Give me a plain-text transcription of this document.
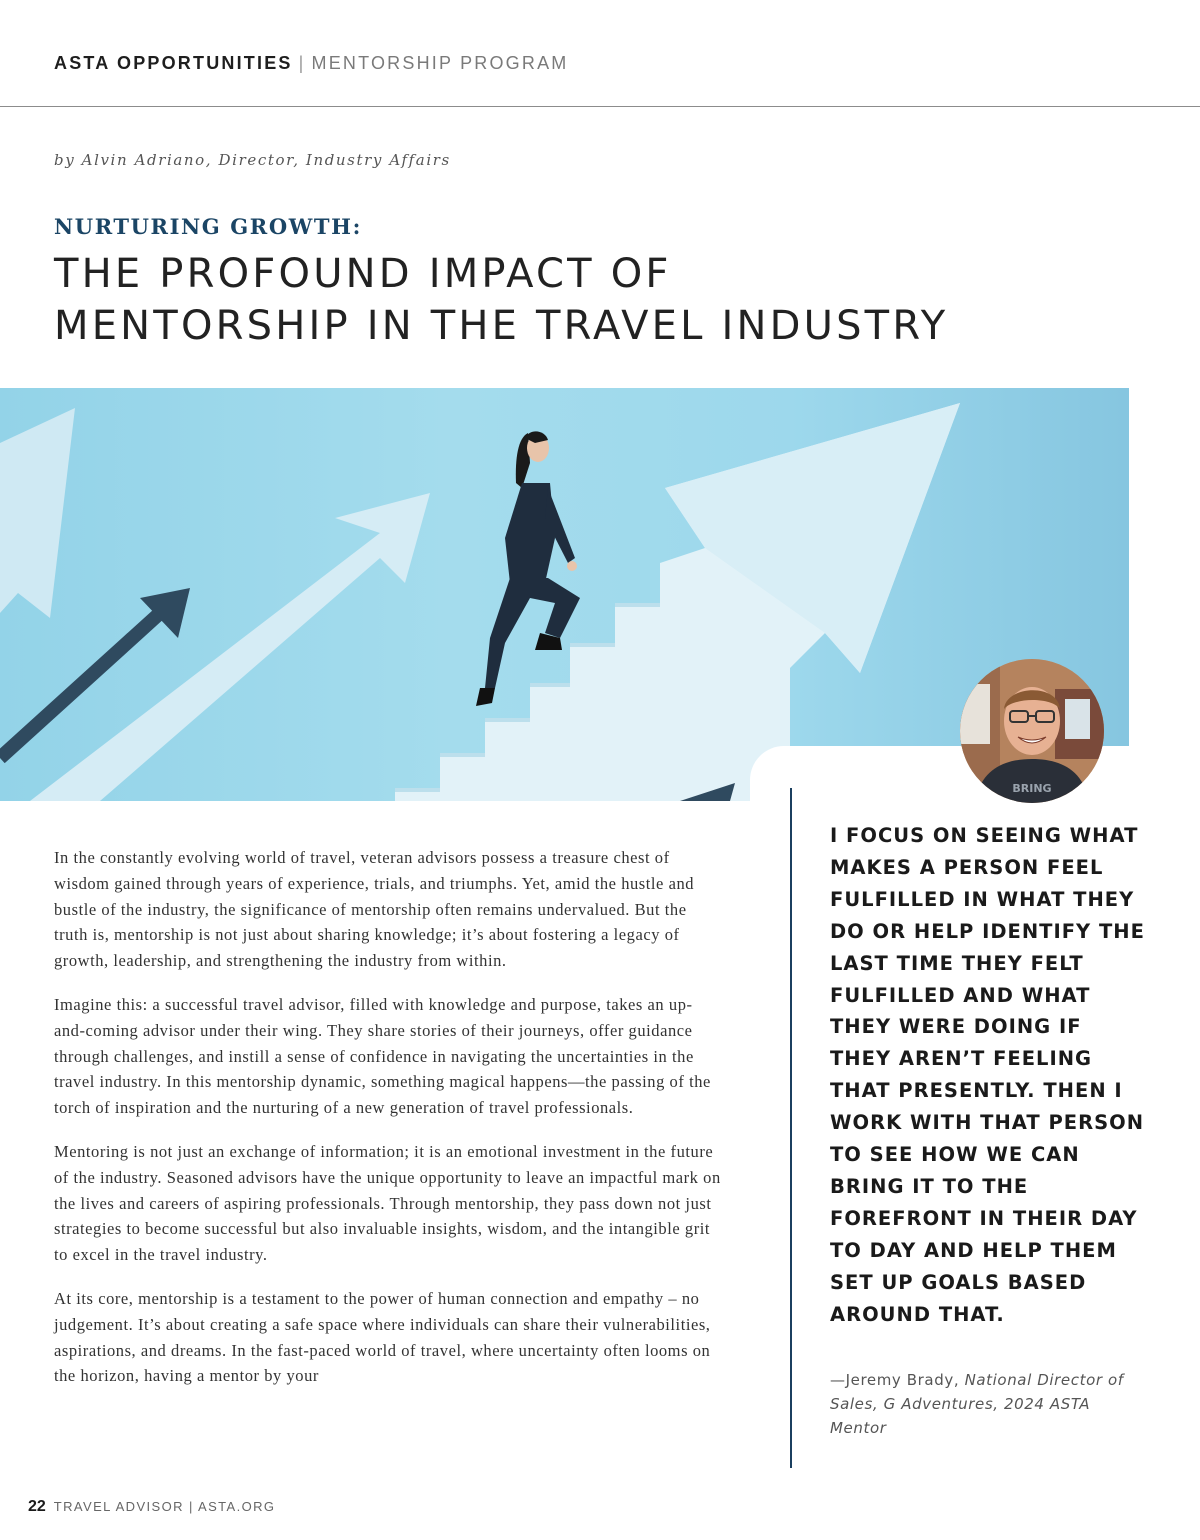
ASTA OPPORTUNITIES | MENTORSHIP PROGRAM
by Alvin Adriano, Director, Industry Affairs
NURTURING GROWTH:
THE PROFOUND IMPACT OF
MENTORSHIP IN THE TRAVEL INDUSTRY
BRING

In the constantly evolving world of travel, veteran advisors possess a treasure chest of wisdom gained through years of experience, trials, and triumphs. Yet, amid the hustle and bustle of the industry, the significance of mentorship often remains undervalued. But the truth is, mentorship is not just about sharing knowledge; it’s about fostering a legacy of growth, leadership, and strengthening the industry from within.

Imagine this: a successful travel advisor, filled with knowledge and purpose, takes an up-and-coming advisor under their wing. They share stories of their journeys, offer guidance through challenges, and instill a sense of confidence in navigating the uncertainties in the travel industry. In this mentorship dynamic, something magical happens—the passing of the torch of inspiration and the nurturing of a new generation of travel professionals.

Mentoring is not just an exchange of information; it is an emotional investment in the future of the industry. Seasoned advisors have the unique opportunity to leave an impactful mark on the lives and careers of aspiring professionals. Through mentorship, they pass down not just strategies to become successful but also invaluable insights, wisdom, and the intangible grit to excel in the travel industry.

At its core, mentorship is a testament to the power of human connection and empathy – no judgement. It’s about creating a safe space where individuals can share their vulnerabilities, aspirations, and dreams. In the fast-paced world of travel, where uncertainty often looms on the horizon, having a mentor by your

I FOCUS ON SEEING WHAT MAKES A PERSON FEEL FULFILLED IN WHAT THEY DO OR HELP IDENTIFY THE LAST TIME THEY FELT FULFILLED AND WHAT THEY WERE DOING IF THEY AREN’T FEELING THAT PRESENTLY. THEN I WORK WITH THAT PERSON TO SEE HOW WE CAN BRING IT TO THE FOREFRONT IN THEIR DAY TO DAY AND HELP THEM SET UP GOALS BASED AROUND THAT.
—Jeremy Brady, National Director of Sales, G Adventures, 2024 ASTA Mentor
22 TRAVEL ADVISOR | ASTA.ORG
